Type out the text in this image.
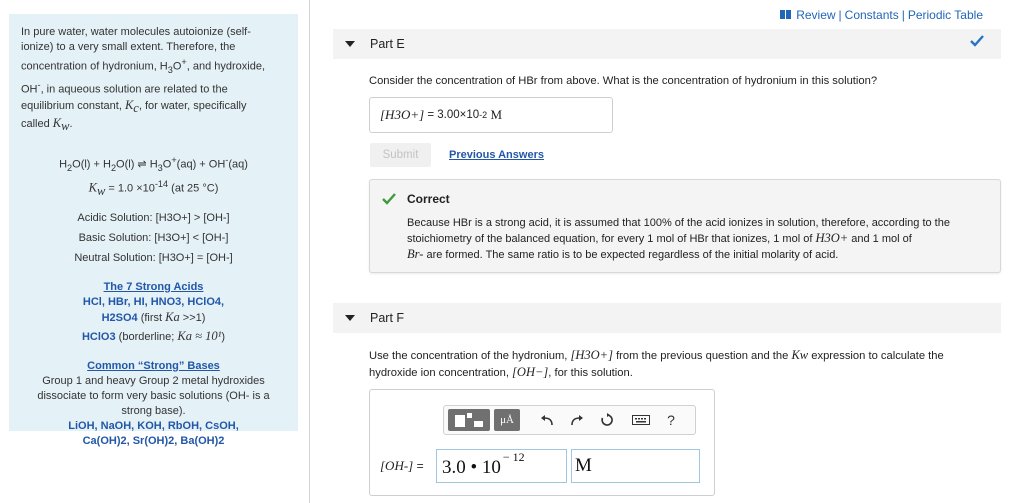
In pure water, water molecules autoionize (self-
ionize) to a very small extent. Therefore, the
concentration of hydronium, $H_3O^+$, and hydroxide,
OH-, in aqueous solution are related to the
equilibrium constant, $K_c$, for water, specifically
called $K_w$.

$H_2O(l) + H_2O(l)$ ⇌ $H_3O^+(aq) + OH^-(aq)$
$K_w = 1.0 \times 10^{-14}$ (at 25 °C)

Acidic Solution: [H3O+] > [OH-]

Basic Solution: [H3O+] < [OH-]

Neutral Solution: [H3O+] = [OH-]

The 7 Strong Acids

HCl, HBr, HI, HNO3, HClO4,

H2SO4 (first Ka >>1)

HClO3 (borderline; Ka ≈ 10¹)

Common “Strong” Bases

Group 1 and heavy Group 2 metal hydroxides

dissociate to form very basic solutions (OH- is a

strong base).

LiOH, NaOH, KOH, RbOH, CsOH,

Ca(OH)2, Sr(OH)2, Ba(OH)2

Review | Constants | Periodic Table
Part E
Consider the concentration of HBr from above. What is the concentration of hydronium in this solution?
[H3O+] = 3.00×10 -2 M
Submit	Previous Answers
Correct
Because HBr is a strong acid, it is assumed that 100% of the acid ionizes in solution, therefore, according to the stoichiometry of the balanced equation, for every 1 mol of HBr that ionizes, 1 mol of H3O+ and 1 mol of
Br- are formed. The same ratio is to be expected regardless of the initial molarity of acid.
Part F
Use the concentration of the hydronium, [H3O+] from the previous question and the Kw expression to calculate the
hydroxide ion concentration, [OH−], for this solution.
μÅ	?
[OH-] = 3.0 • 10 − 12	M
